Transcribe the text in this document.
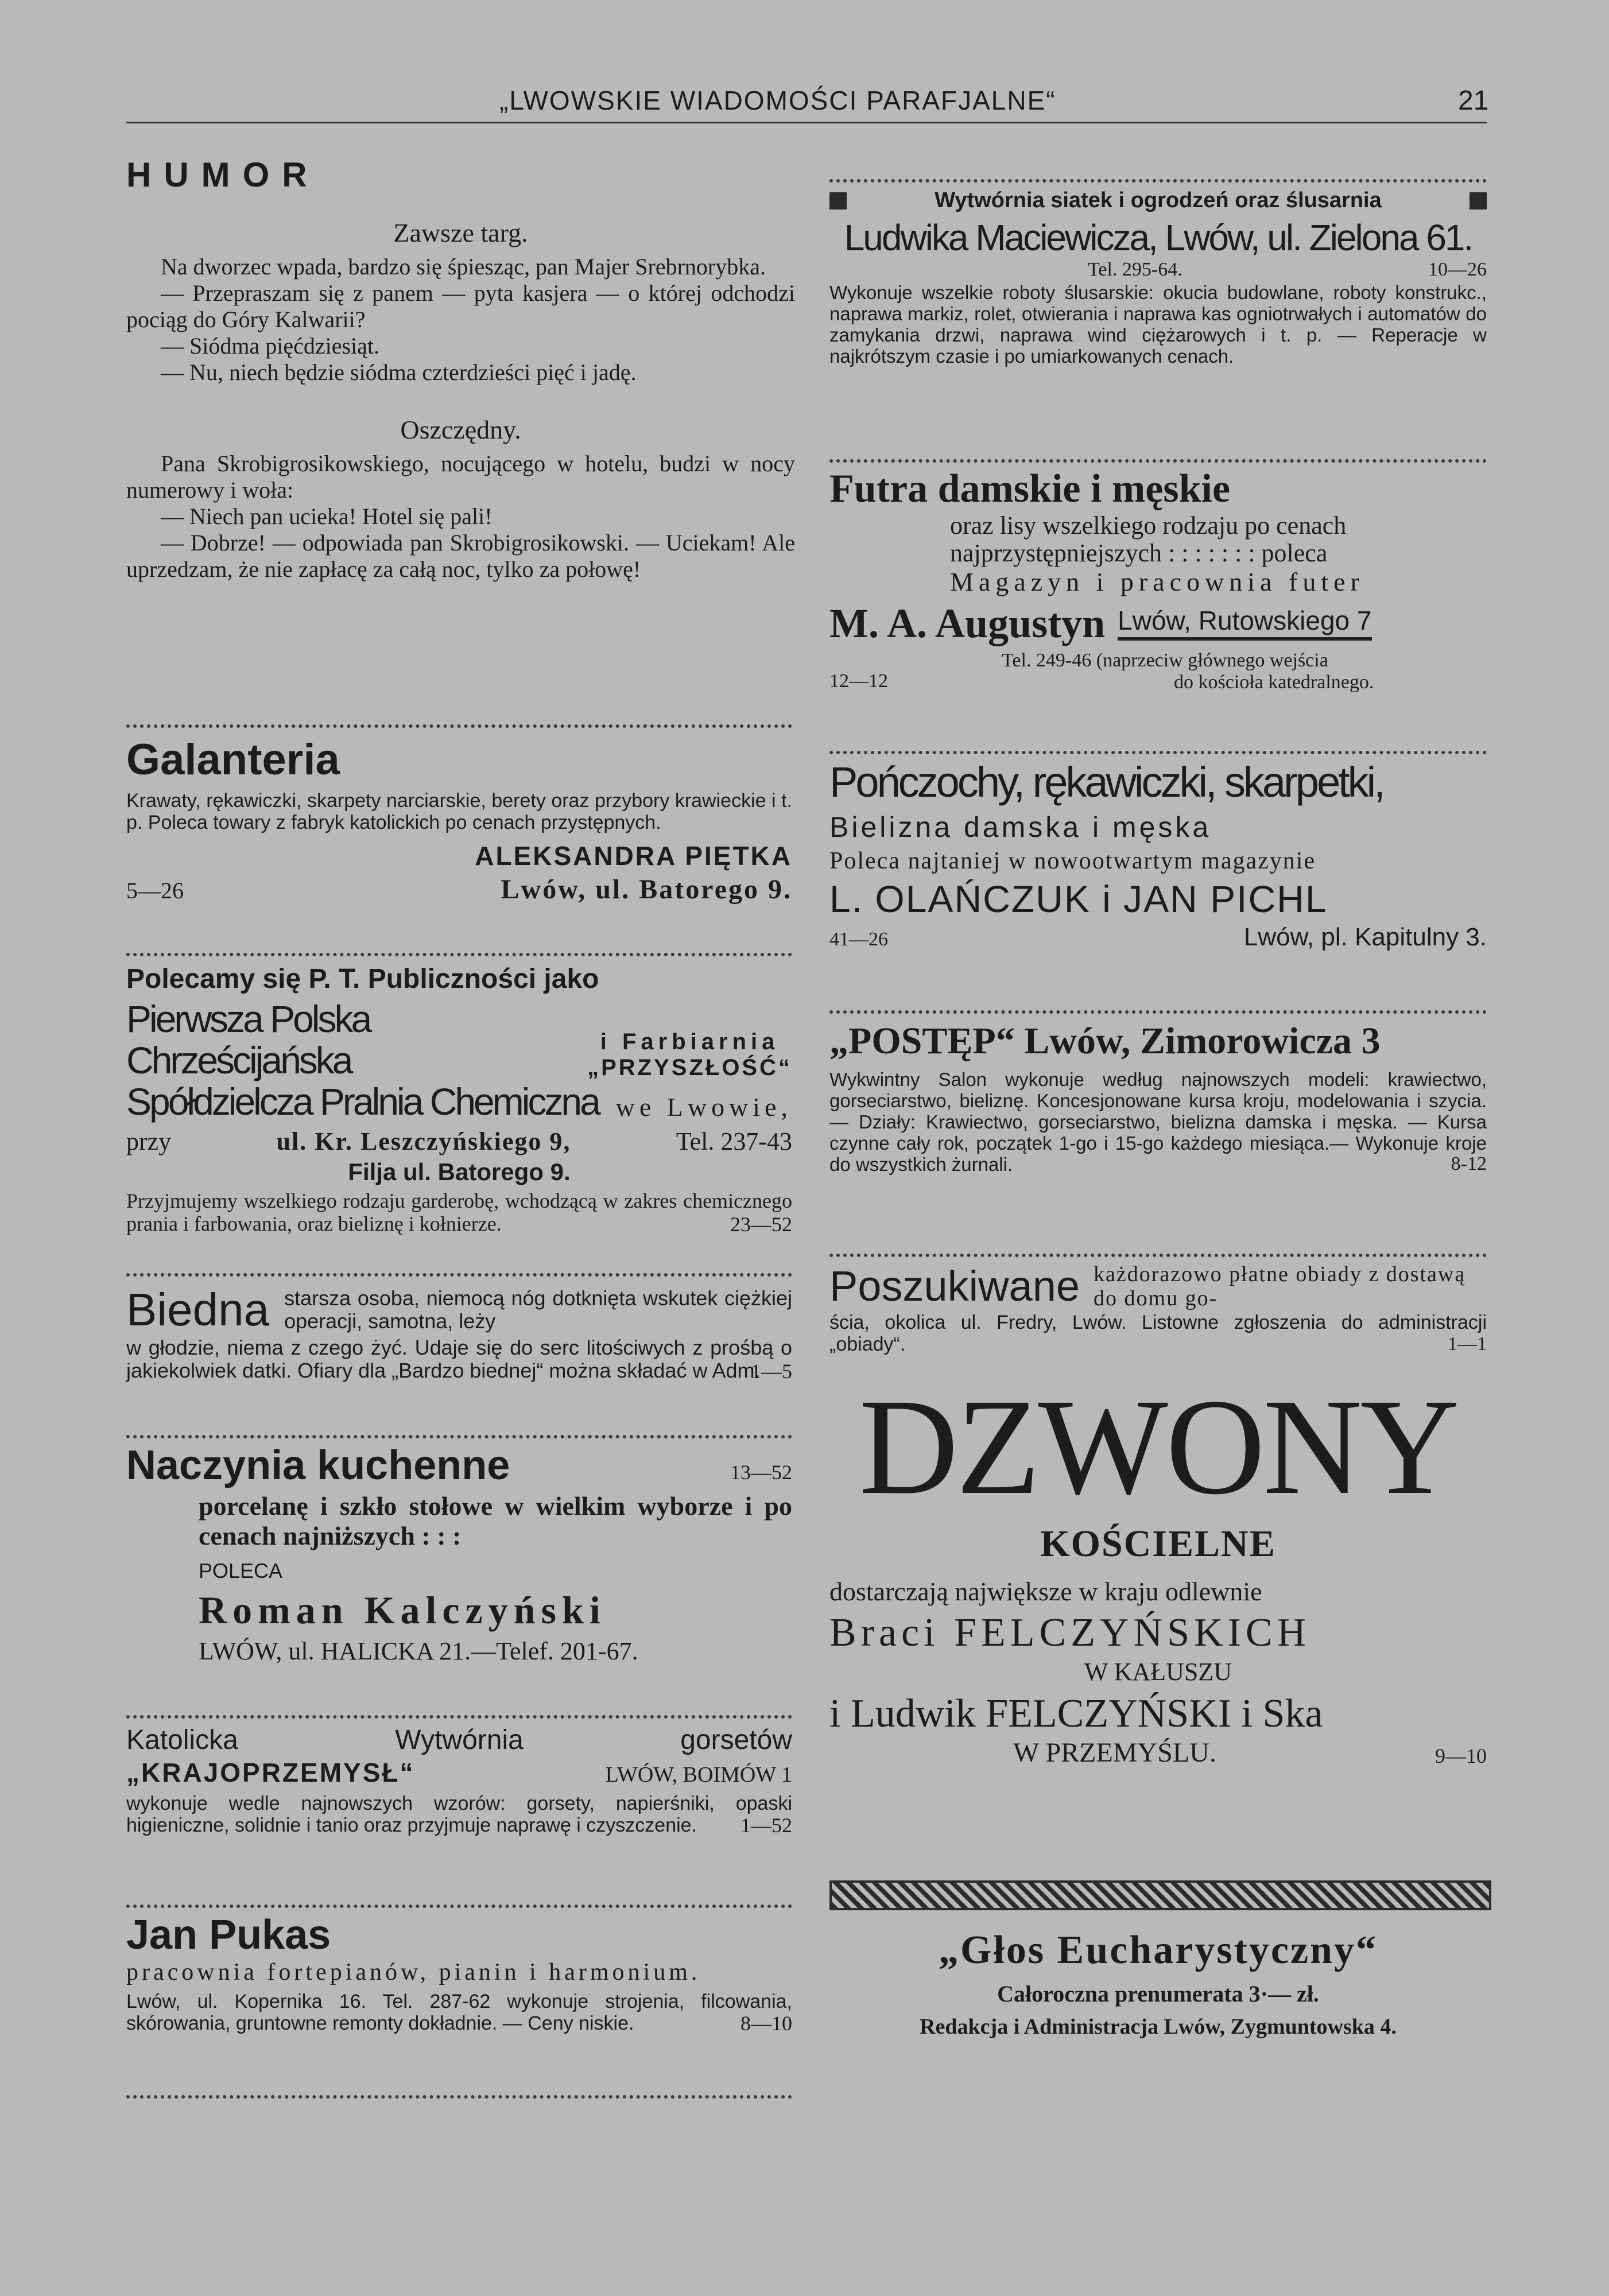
„LWOWSKIE WIADOMOŚCI PARAFJALNE“	21
HUMOR
Zawsze targ.
Na dworzec wpada, bardzo się śpiesząc, pan Majer Srebrnorybka.
— Przepraszam się z panem — pyta kasjera — o której odchodzi pociąg do Góry Kalwarii?
— Siódma pięćdziesiąt.
— Nu, niech będzie siódma czterdzieści pięć i jadę.
Oszczędny.
Pana Skrobigrosikowskiego, nocującego w hotelu, budzi w nocy numerowy i woła:
— Niech pan ucieka! Hotel się pali!
— Dobrze! — odpowiada pan Skrobigrosikowski. — Uciekam! Ale uprzedzam, że nie zapłacę za całą noc, tylko za połowę!
Galanteria
Krawaty, rękawiczki, skarpety narciarskie, berety oraz przybory krawieckie i t. p. Poleca towary z fabryk katolickich po cenach przystępnych.
ALEKSANDRA PIĘTKA
5—26	Lwów, ul. Batorego 9.
Polecamy się P. T. Publiczności jako
Pierwsza Polska Chrześcijańska	i Farbiarnia
„PRZYSZŁOŚĆ“
Spółdzielcza Pralnia Chemiczna we Lwowie,
przy	ul. Kr. Leszczyńskiego 9,	Tel. 237-43
Filja ul. Batorego 9.
Przyjmujemy wszelkiego rodzaju garderobę, wchodzącą w zakres chemicznego prania i farbowania, oraz bieliznę i kołnierze.	23—52
Biedna starsza osoba, niemocą nóg dotknięta wskutek ciężkiej operacji, samotna, leży
w głodzie, niema z czego żyć. Udaje się do serc litościwych z prośbą o jakiekolwiek datki. Ofiary dla „Bardzo biednej“ można składać w Adm.
1—5
Naczynia kuchenne	13—52
porcelanę i szkło stołowe w wielkim wyborze i po cenach najniższych : : :
POLECA
Roman Kalczyński
LWÓW, ul. HALICKA 21.—Telef. 201-67.
Katolicka	Wytwórnia	gorsetów
„KRAJOPRZEMYSŁ“	LWÓW, BOIMÓW 1
wykonuje wedle najnowszych wzorów: gorsety, napierśniki, opaski higieniczne, solidnie i tanio oraz przyjmuje naprawę i czyszczenie.	1—52
Jan Pukas
pracownia fortepianów, pianin i harmonium.
Lwów, ul. Kopernika 16. Tel. 287-62 wykonuje strojenia, filcowania, skórowania, gruntowne remonty dokładnie. — Ceny niskie.	8—10
Wytwórnia siatek i ogrodzeń oraz ślusarnia
Ludwika Maciewicza, Lwów, ul. Zielona 61.
Tel. 295-64.	10—26
Wykonuje wszelkie roboty ślusarskie: okucia budowlane, roboty konstrukc., naprawa markiz, rolet, otwierania i naprawa kas ogniotrwałych i automatów do zamykania drzwi, naprawa wind ciężarowych i t. p. — Reperacje w najkrótszym czasie i po umiarkowanych cenach.
Futra damskie i męskie
oraz lisy wszelkiego rodzaju po cenach
najprzystępniejszych : : : : : : : poleca
Magazyn i pracownia futer
M. A. Augustyn Lwów, Rutowskiego 7
12—12
Tel. 249-46 (naprzeciw głównego wejścia
do kościoła katedralnego.
Pończochy, rękawiczki, skarpetki,
Bielizna damska i męska
Poleca najtaniej w nowootwartym magazynie
L. OLAŃCZUK i JAN PICHL
41—26	Lwów, pl. Kapitulny 3.
„POSTĘP“ Lwów, Zimorowicza 3
Wykwintny Salon wykonuje według najnowszych modeli: krawiectwo, gorseciarstwo, bieliznę. Koncesjonowane kursa kroju, modelowania i szycia. — Działy: Krawiectwo, gorseciarstwo, bielizna damska i męska. — Kursa czynne cały rok, początek 1-go i 15-go każdego miesiąca.— Wykonuje kroje do wszystkich żurnali.	8-12
Poszukiwane każdorazowo płatne obiady z dostawą do domu go-
ścia, okolica ul. Fredry, Lwów. Listowne zgłoszenia do administracji „obiady“.	1—1
DZWONY
KOŚCIELNE
dostarczają największe w kraju odlewnie
Braci FELCZYŃSKICH
W KAŁUSZU
i Ludwik FELCZYŃSKI i Ska
W PRZEMYŚLU.	9—10
„Głos Eucharystyczny“
Całoroczna prenumerata 3·— zł.
Redakcja i Administracja Lwów, Zygmuntowska 4.
